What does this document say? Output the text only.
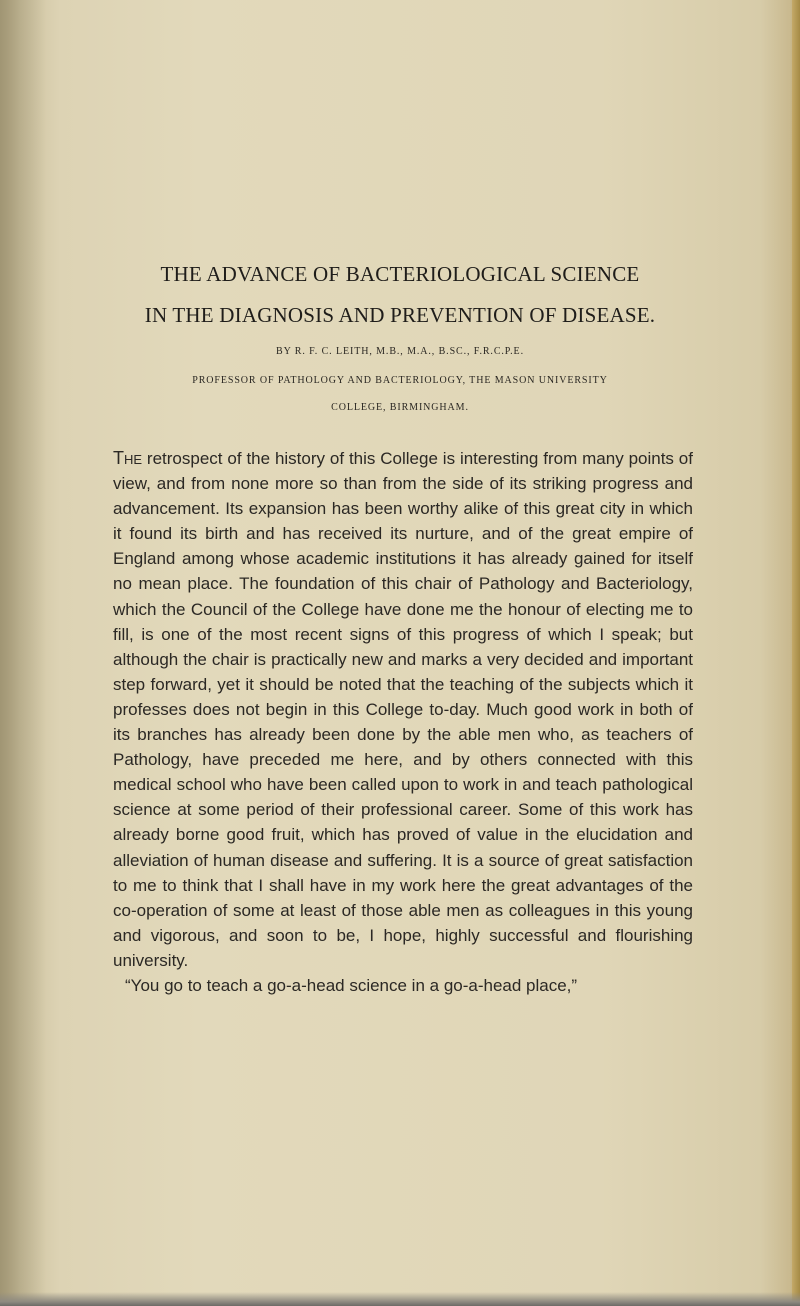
THE ADVANCE OF BACTERIOLOGICAL SCIENCE
IN THE DIAGNOSIS AND PREVENTION OF DISEASE.
BY R. F. C. LEITH, M.B., M.A., B.SC., F.R.C.P.E.
PROFESSOR OF PATHOLOGY AND BACTERIOLOGY, THE MASON UNIVERSITY
COLLEGE, BIRMINGHAM.

The retrospect of the history of this College is interesting from many points of view, and from none more so than from the side of its striking progress and advancement. Its expansion has been worthy alike of this great city in which it found its birth and has received its nurture, and of the great empire of England among whose academic institutions it has already gained for itself no mean place. The foundation of this chair of Pathology and Bacteriology, which the Council of the College have done me the honour of electing me to fill, is one of the most recent signs of this progress of which I speak; but although the chair is practically new and marks a very decided and important step forward, yet it should be noted that the teaching of the subjects which it professes does not begin in this College to-day. Much good work in both of its branches has already been done by the able men who, as teachers of Pathology, have preceded me here, and by others connected with this medical school who have been called upon to work in and teach pathological science at some period of their professional career. Some of this work has already borne good fruit, which has proved of value in the elucidation and alleviation of human disease and suffering. It is a source of great satisfaction to me to think that I shall have in my work here the great advantages of the co-operation of some at least of those able men as colleagues in this young and vigorous, and soon to be, I hope, highly successful and flourishing university.

“You go to teach a go-a-head science in a go-a-head place,”
